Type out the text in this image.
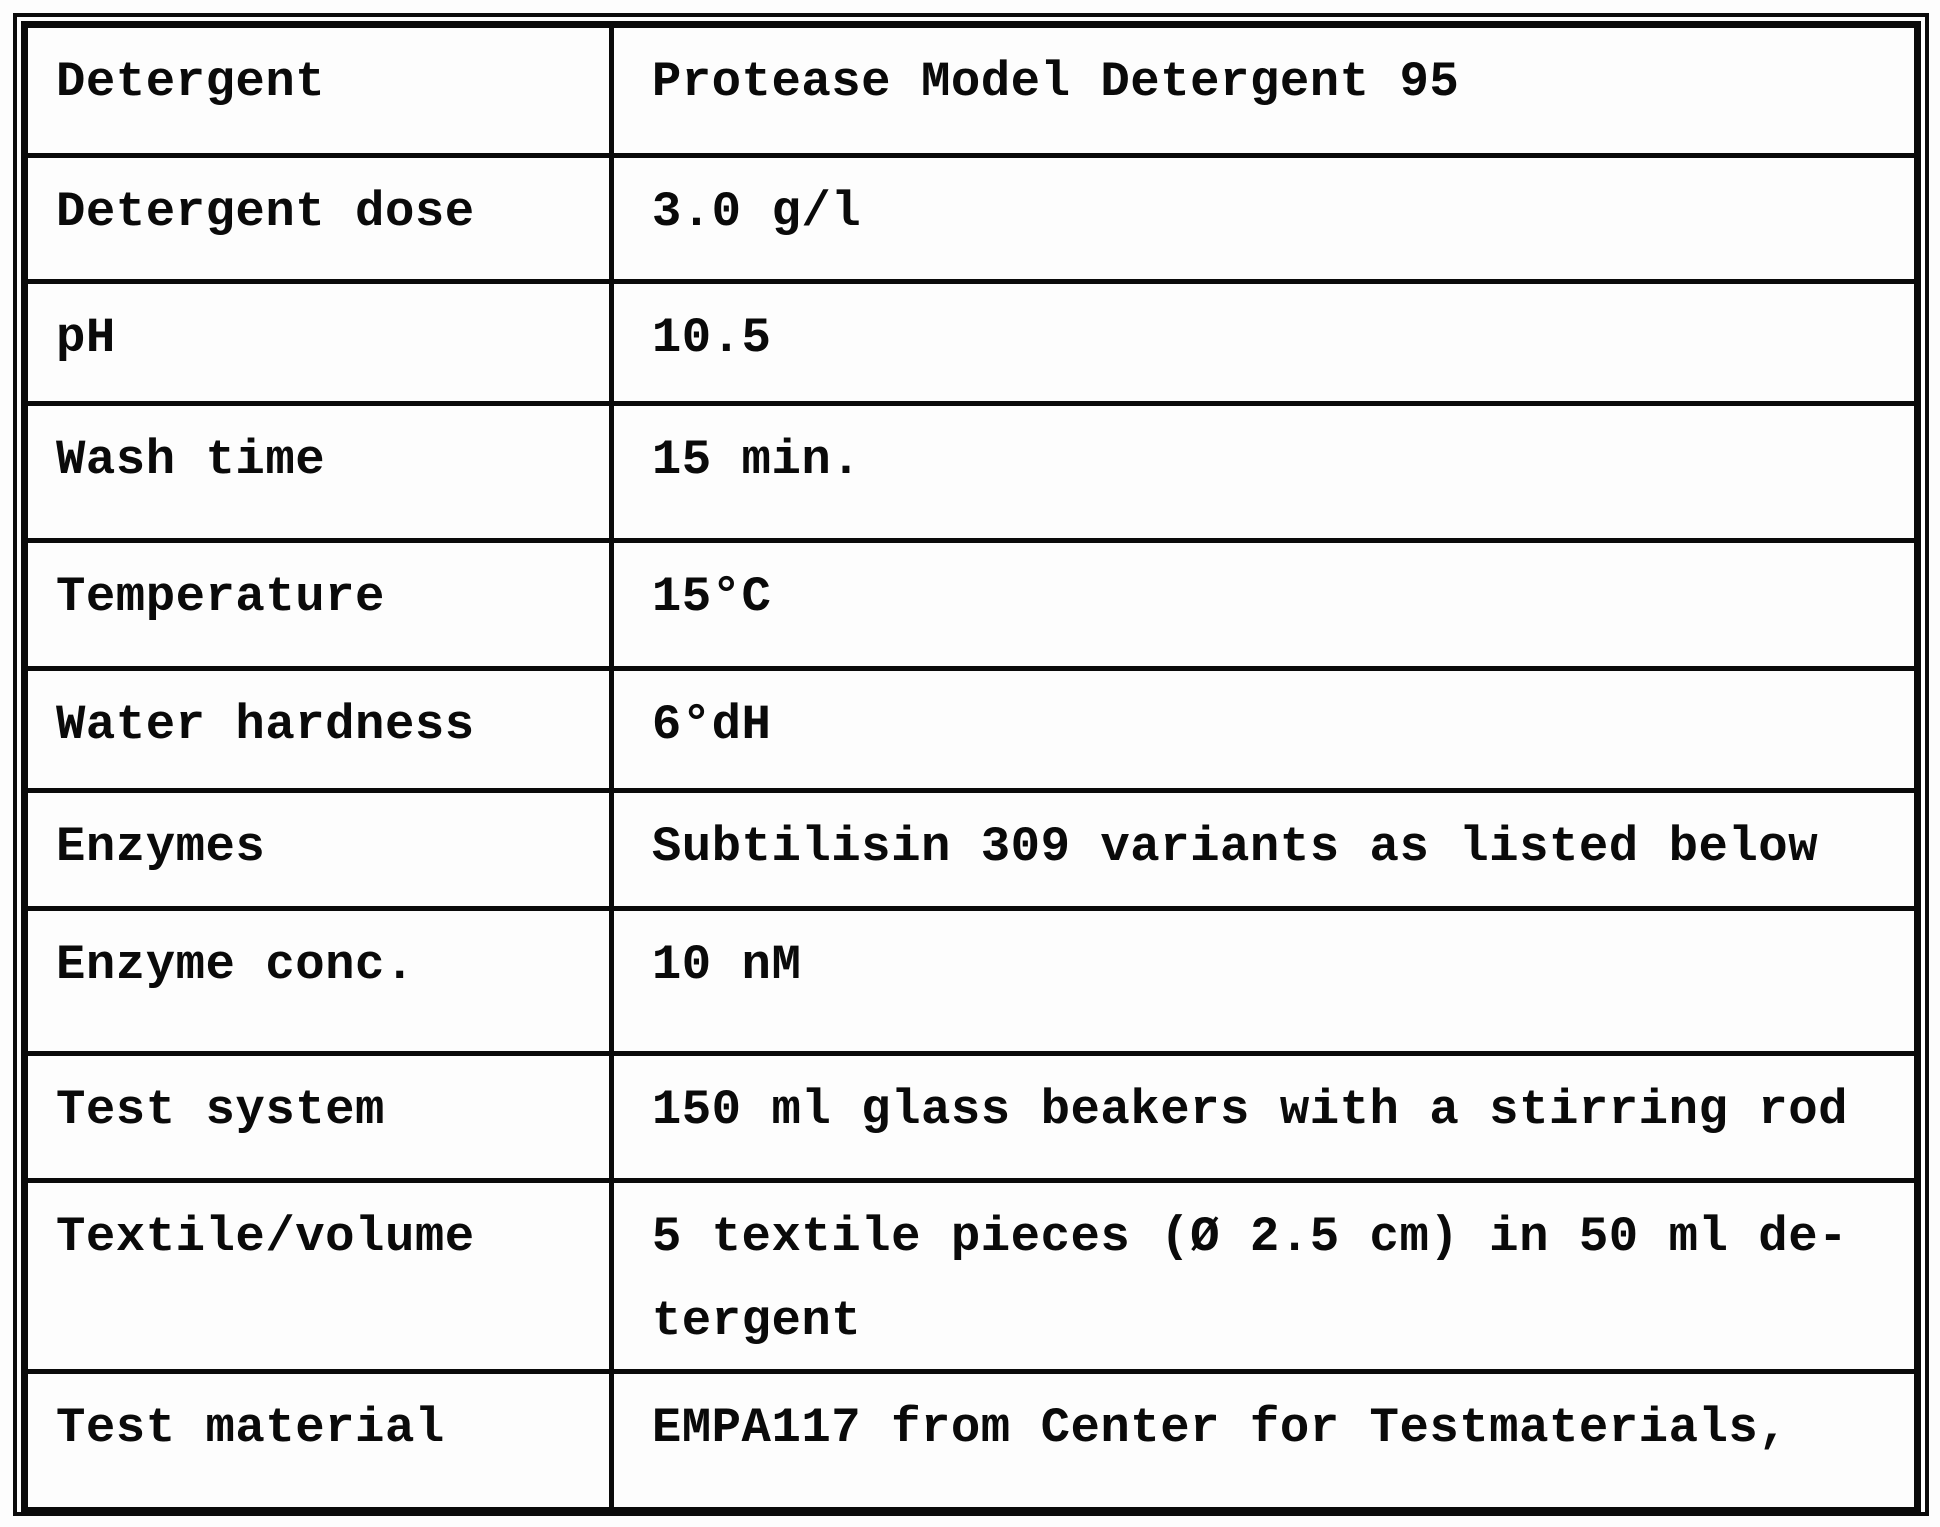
Detergent	Protease Model Detergent 95
Detergent dose	3.0 g/l
pH	10.5
Wash time	15 min.
Temperature	15°C
Water hardness	6°dH
Enzymes	Subtilisin 309 variants as listed below
Enzyme conc.	10 nM
Test system	150 ml glass beakers with a stirring rod
Textile/volume	5 textile pieces (Ø 2.5 cm) in 50 ml de-
tergent

Test material	EMPA117 from Center for Testmaterials,
